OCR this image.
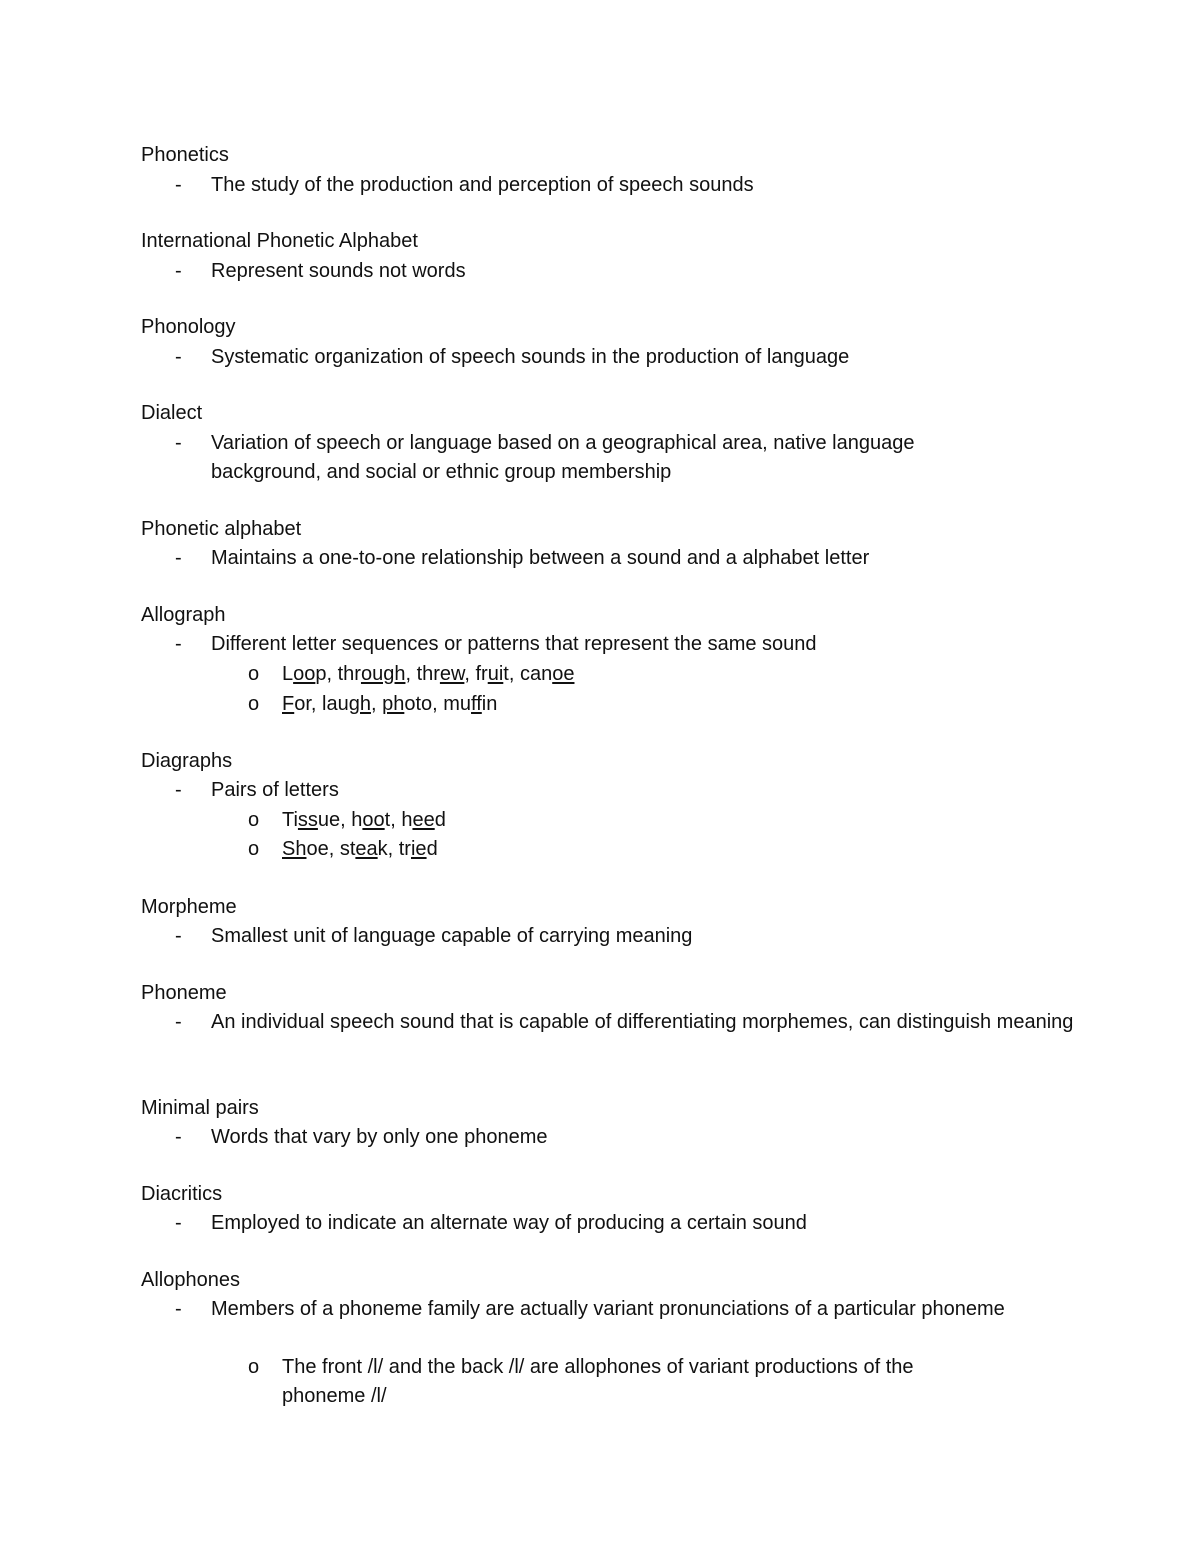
Phonetics
- The study of the production and perception of speech sounds
International Phonetic Alphabet
- Represent sounds not words
Phonology
- Systematic organization of speech sounds in the production of language
Dialect
- Variation of speech or language based on a geographical area, native language background, and social or ethnic group membership
Phonetic alphabet
- Maintains a one-to-one relationship between a sound and a alphabet letter
Allograph
- Different letter sequences or patterns that represent the same sound
o Loop, through, threw, fruit, canoe
o For, laugh, photo, muffin
Diagraphs
- Pairs of letters
o Tissue, hoot, heed
o Shoe, steak, tried
Morpheme
- Smallest unit of language capable of carrying meaning
Phoneme
- An individual speech sound that is capable of differentiating morphemes, can distinguish meaning
Minimal pairs
- Words that vary by only one phoneme
Diacritics
- Employed to indicate an alternate way of producing a certain sound
Allophones
- Members of a phoneme family are actually variant pronunciations of a particular phoneme
o The front /l/ and the back /l/ are allophones of variant productions of the phoneme /l/
